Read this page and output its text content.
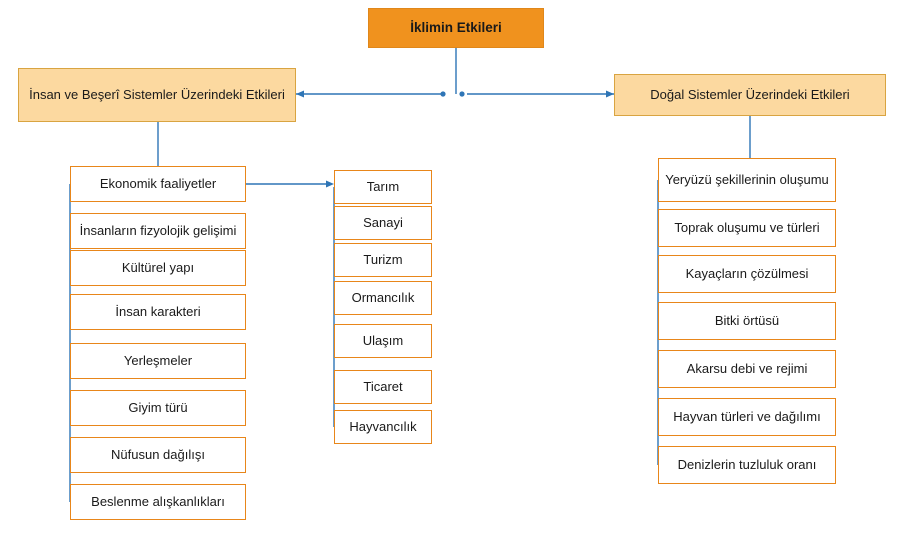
İklimin Etkileri
İnsan ve Beşerî Sistemler Üzerindeki Etkileri	Doğal Sistemler Üzerindeki Etkileri
Ekonomik faaliyetler
İnsanların fizyolojik gelişimi
Kültürel yapı
İnsan karakteri
Yerleşmeler
Giyim türü
Nüfusun dağılışı
Beslenme alışkanlıkları
Tarım
Sanayi
Turizm
Ormancılık
Ulaşım
Ticaret
Hayvancılık
Yeryüzü şekillerinin oluşumu
Toprak oluşumu ve türleri
Kayaçların çözülmesi
Bitki örtüsü
Akarsu debi ve rejimi
Hayvan türleri ve dağılımı
Denizlerin tuzluluk oranı
